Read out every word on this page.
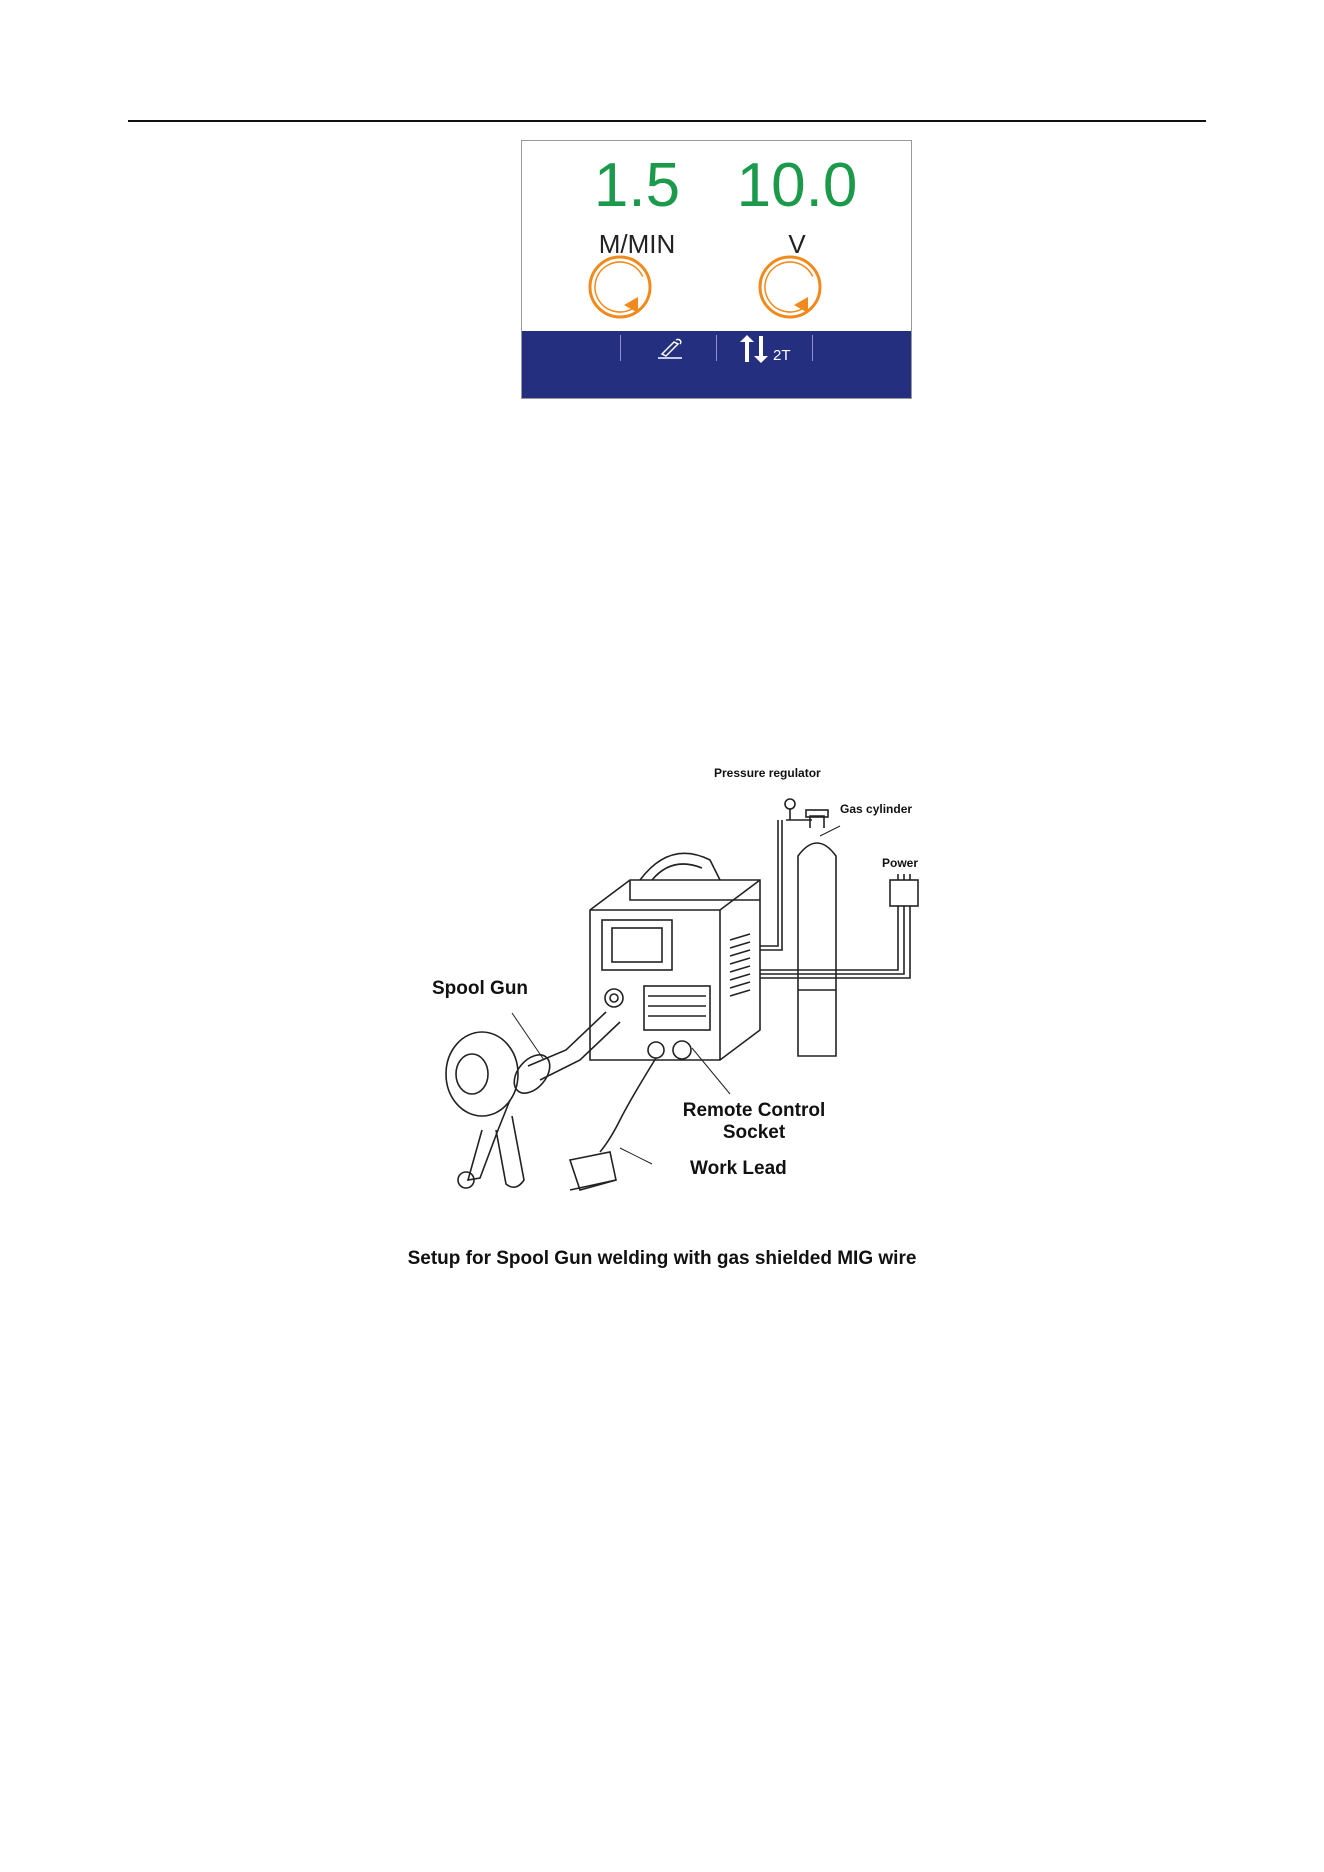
1.5
M/MIN
10.0
V
2T
Pressure regulator
Gas cylinder
Power
Spool Gun
Remote Control
Socket
Work Lead
Setup for Spool Gun welding with gas shielded MIG wire
